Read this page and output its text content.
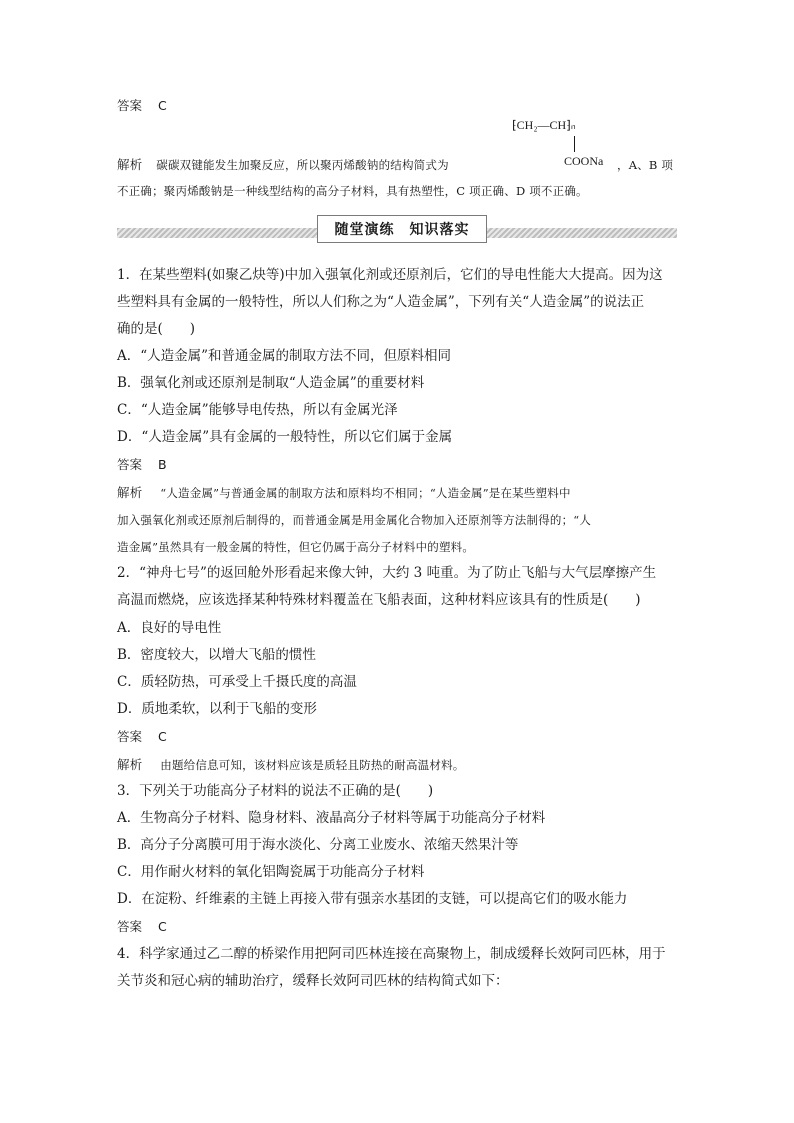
答案 C
⁅CH₂—CH⁆ₙ
COONa
解析 碳碳双键能发生加聚反应，所以聚丙烯酸钠的结构简式为	，A、B 项
不正确；聚丙烯酸钠是一种线型结构的高分子材料，具有热塑性，C 项正确、D 项不正确。
随堂演练　知识落实
1．在某些塑料(如聚乙炔等)中加入强氧化剂或还原剂后，它们的导电性能大大提高。因为这
些塑料具有金属的一般特性，所以人们称之为“人造金属”，下列有关“人造金属”的说法正
确的是(　　)
A．“人造金属”和普通金属的制取方法不同，但原料相同
B．强氧化剂或还原剂是制取“人造金属”的重要材料
C．“人造金属”能够导电传热，所以有金属光泽
D．“人造金属”具有金属的一般特性，所以它们属于金属
答案 B
解析 “人造金属”与普通金属的制取方法和原料均不相同；“人造金属”是在某些塑料中
加入强氧化剂或还原剂后制得的，而普通金属是用金属化合物加入还原剂等方法制得的；“人
造金属”虽然具有一般金属的特性，但它仍属于高分子材料中的塑料。
2．“神舟七号”的返回舱外形看起来像大钟，大约 3 吨重。为了防止飞船与大气层摩擦产生
高温而燃烧，应该选择某种特殊材料覆盖在飞船表面，这种材料应该具有的性质是(　　)
A．良好的导电性
B．密度较大，以增大飞船的惯性
C．质轻防热，可承受上千摄氏度的高温
D．质地柔软，以利于飞船的变形
答案 C
解析 由题给信息可知，该材料应该是质轻且防热的耐高温材料。
3．下列关于功能高分子材料的说法不正确的是(　　)
A．生物高分子材料、隐身材料、液晶高分子材料等属于功能高分子材料
B．高分子分离膜可用于海水淡化、分离工业废水、浓缩天然果汁等
C．用作耐火材料的氧化铝陶瓷属于功能高分子材料
D．在淀粉、纤维素的主链上再接入带有强亲水基团的支链，可以提高它们的吸水能力
答案 C
4．科学家通过乙二醇的桥梁作用把阿司匹林连接在高聚物上，制成缓释长效阿司匹林，用于
关节炎和冠心病的辅助治疗，缓释长效阿司匹林的结构简式如下：
